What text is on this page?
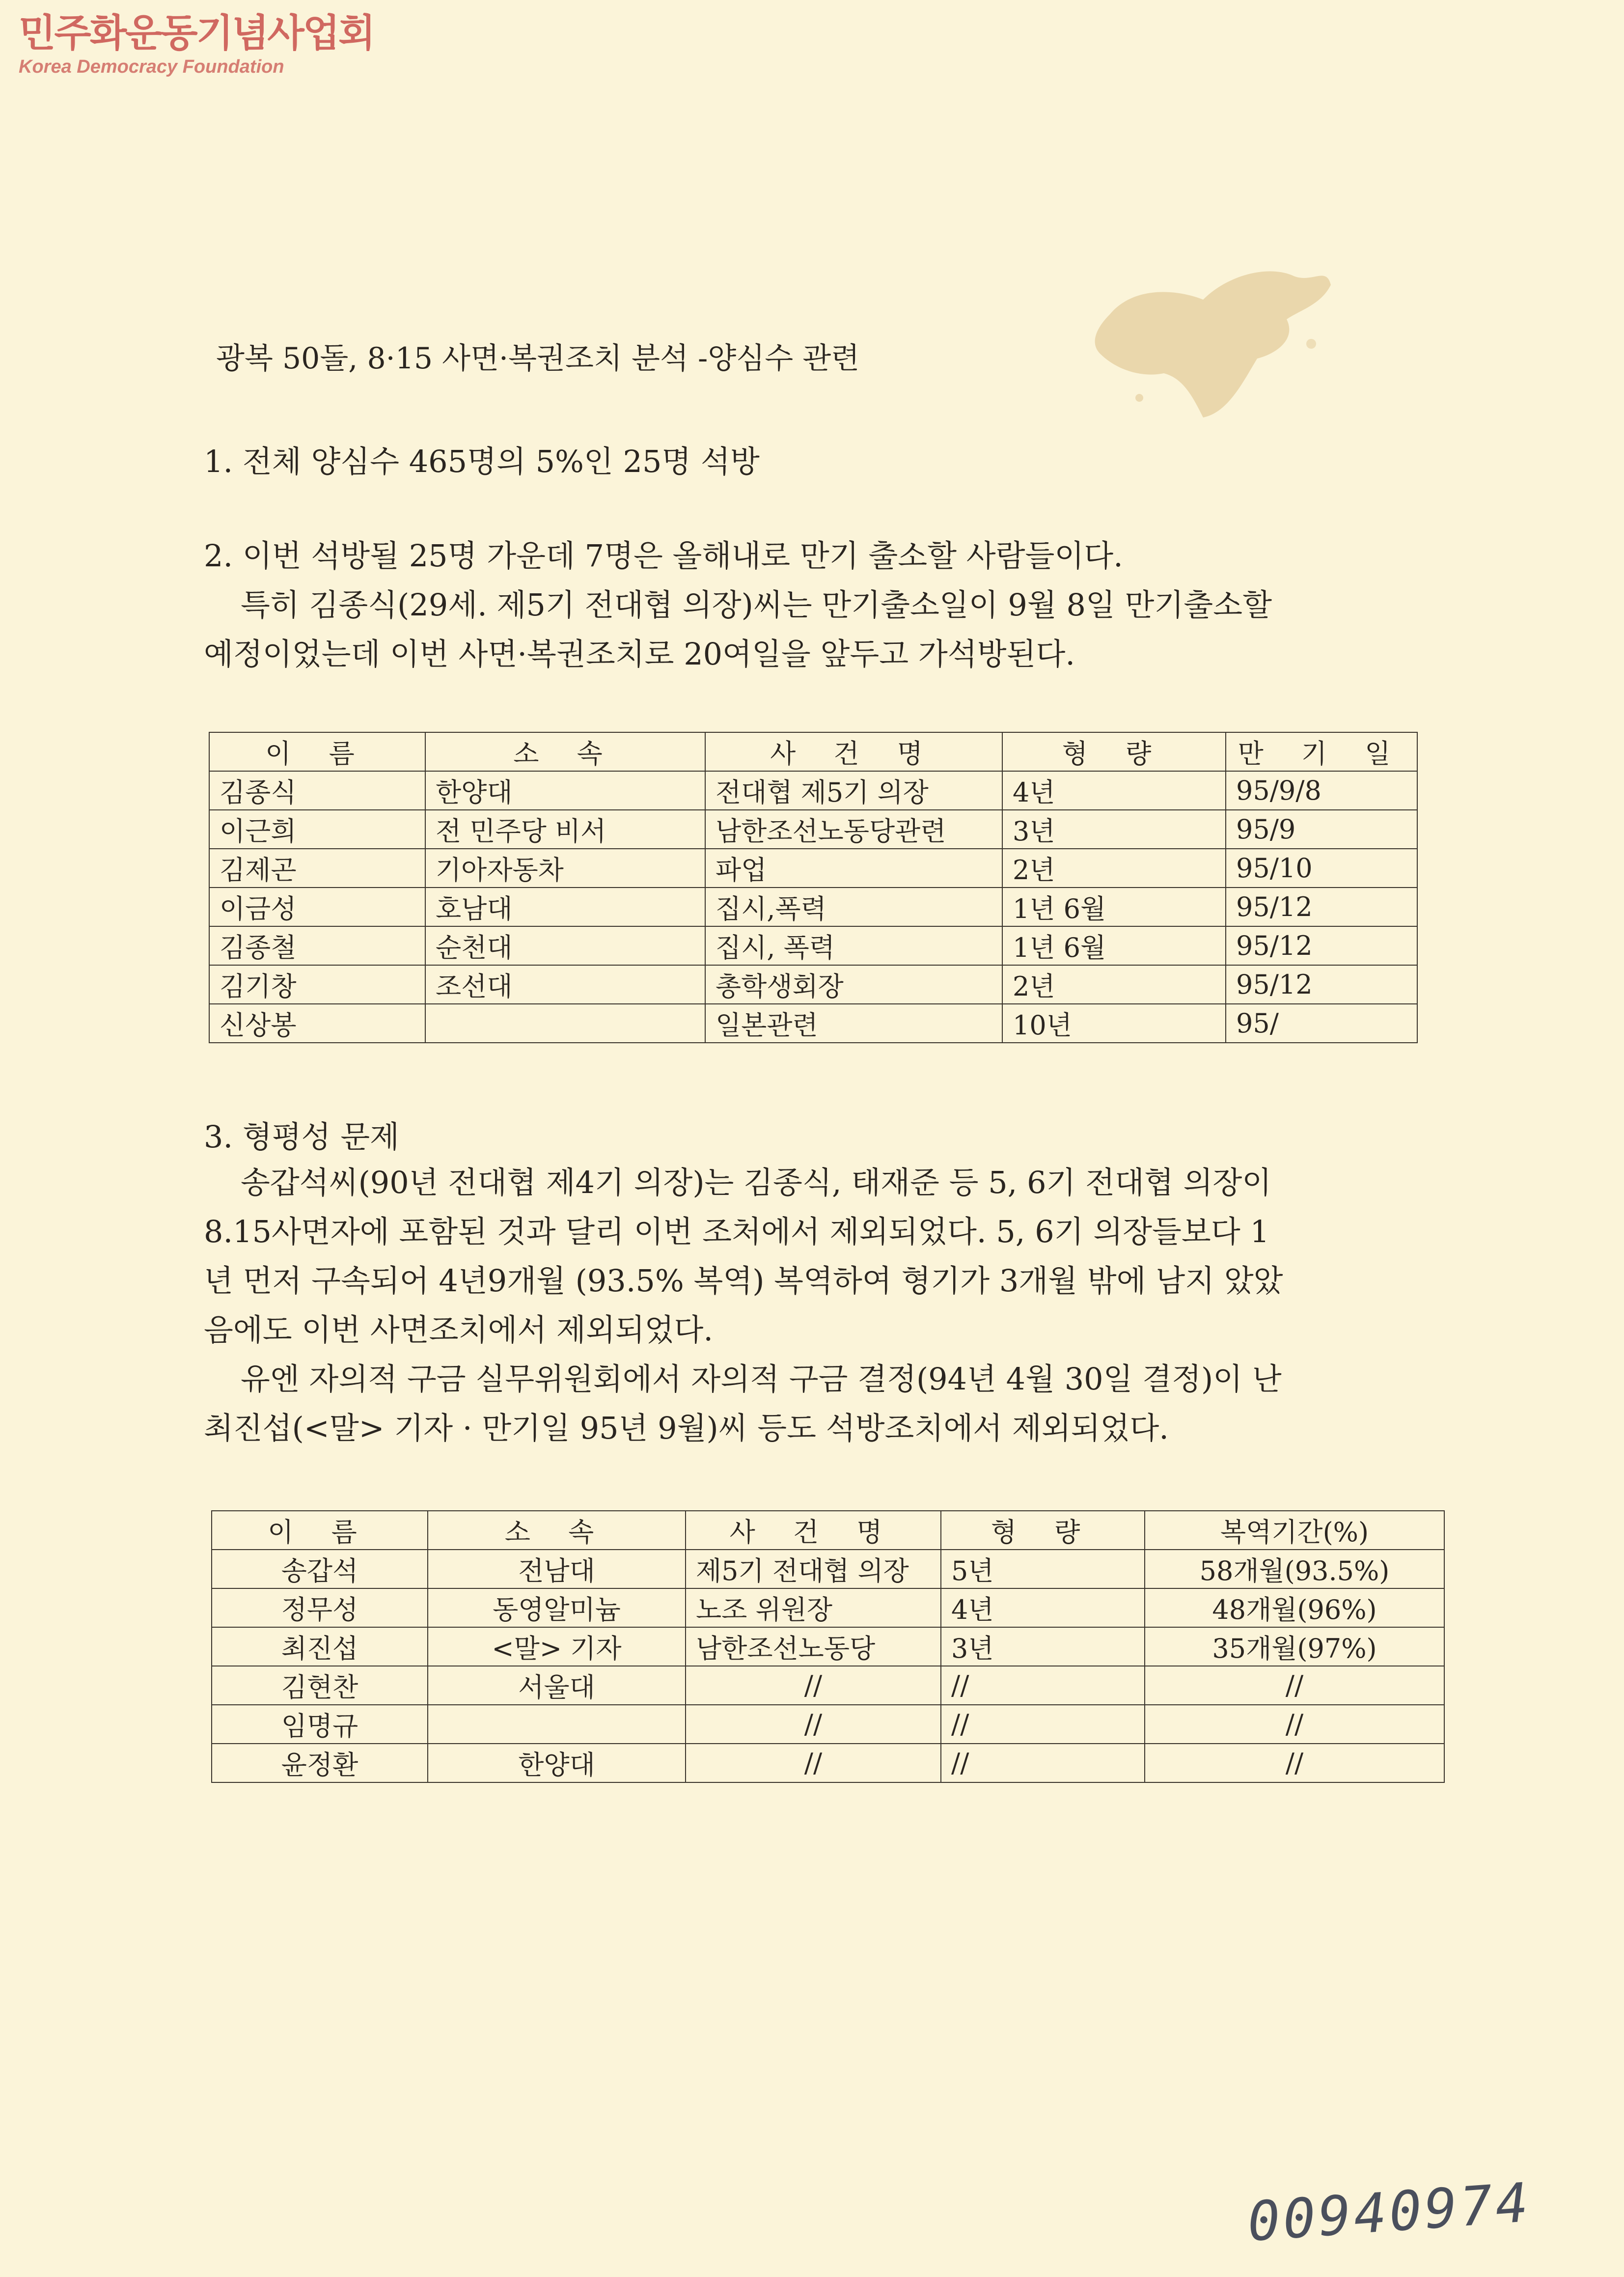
민주화운동기념사업회
Korea Democracy Foundation
광복 50돌, 8·15 사면·복권조치 분석 -양심수 관련
1. 전체 양심수 465명의 5%인 25명 석방
2. 이번 석방될 25명 가운데 7명은 올해내로 만기 출소할 사람들이다.
특히 김종식(29세. 제5기 전대협 의장)씨는 만기출소일이 9월 8일 만기출소할
예정이었는데 이번 사면·복권조치로 20여일을 앞두고 가석방된다.
이 름	소 속	사 건 명	형 량	만 기 일
김종식	한양대	전대협 제5기 의장	4년	95/9/8
이근희	전 민주당 비서	남한조선노동당관련	3년	95/9
김제곤	기아자동차	파업	2년	95/10
이금성	호남대	집시,폭력	1년 6월	95/12
김종철	순천대	집시, 폭력	1년 6월	95/12
김기창	조선대	총학생회장	2년	95/12
신상봉		일본관련	10년	95/
3. 형평성 문제
송갑석씨(90년 전대협 제4기 의장)는 김종식, 태재준 등 5, 6기 전대협 의장이
8.15사면자에 포함된 것과 달리 이번 조처에서 제외되었다. 5, 6기 의장들보다 1
년 먼저 구속되어 4년9개월 (93.5% 복역) 복역하여 형기가 3개월 밖에 남지 았았
음에도 이번 사면조치에서 제외되었다.
유엔 자의적 구금 실무위원회에서 자의적 구금 결정(94년 4월 30일 결정)이 난
최진섭(<말> 기자 · 만기일 95년 9월)씨 등도 석방조치에서 제외되었다.
이 름	소 속	사 건 명	형 량	복역기간(%)
송갑석	전남대	제5기 전대협 의장	5년	58개월(93.5%)
정무성	동영알미늄	노조 위원장	4년	48개월(96%)
최진섭	<말> 기자	남한조선노동당	3년	35개월(97%)
김현찬	서울대	//	//	//
임명규		//	//	//
윤정환	한양대	//	//	//
00940974
